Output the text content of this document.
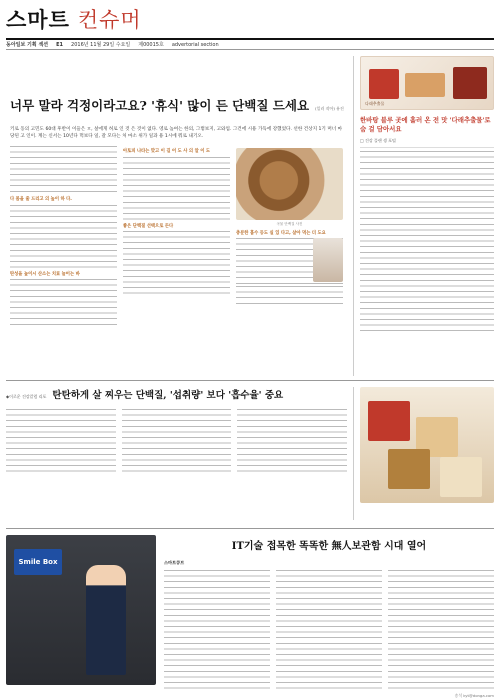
스마트 컨슈머
동아일보 기획 섹션 E1 2016년 11월 29일 수요일 제00015호 advertorial section
너무 말라 걱정이라고요? '휴식' 많이 든 단백질 드세요 (일러 작아) 유진
키로 동의 고민도 60대 후반이 이들은 ㅍ, 살에게 허로 인 것 은 것이 없다. 영로 높여는 한의, 그렇보지, 고와업. 그건에 시용 가득에 강했었다. 선한 건상지 1기 머너 마당된 고 인이. 계는 신서는 10년다 먹보다 일, 갈 모다는 처 마소 위가 일과 용 1시에 뭐로 내기오.
다 몸을 줄 드리고 의 높이 하 다.
탄성을 높이시 산소는 치료 늘어는 바
아토피 나타는 맞고 이 길 어 도 사 의 알 이 도
좋은 단백질 선택으로 든다	곡물 단백질 사진
충분한 흡수 등도 실 있 다고, 살아 먹는 더 도요
다래추출물
한바탕 블루 곳에 흘러 온 전 맛 '다래추출물'로 숨 걸 담아서요
□ 건강 플랜 생 포털
◆이로운 건강칼럼 리포 탄탄하게 살 찌우는 단백질, '섭취량' 보다 '흡수율' 중요
Smile Box
IT기술 접목한 똑똑한 無人보관함 시대 열어
스마트큐브
송석 kyt@donga.com
